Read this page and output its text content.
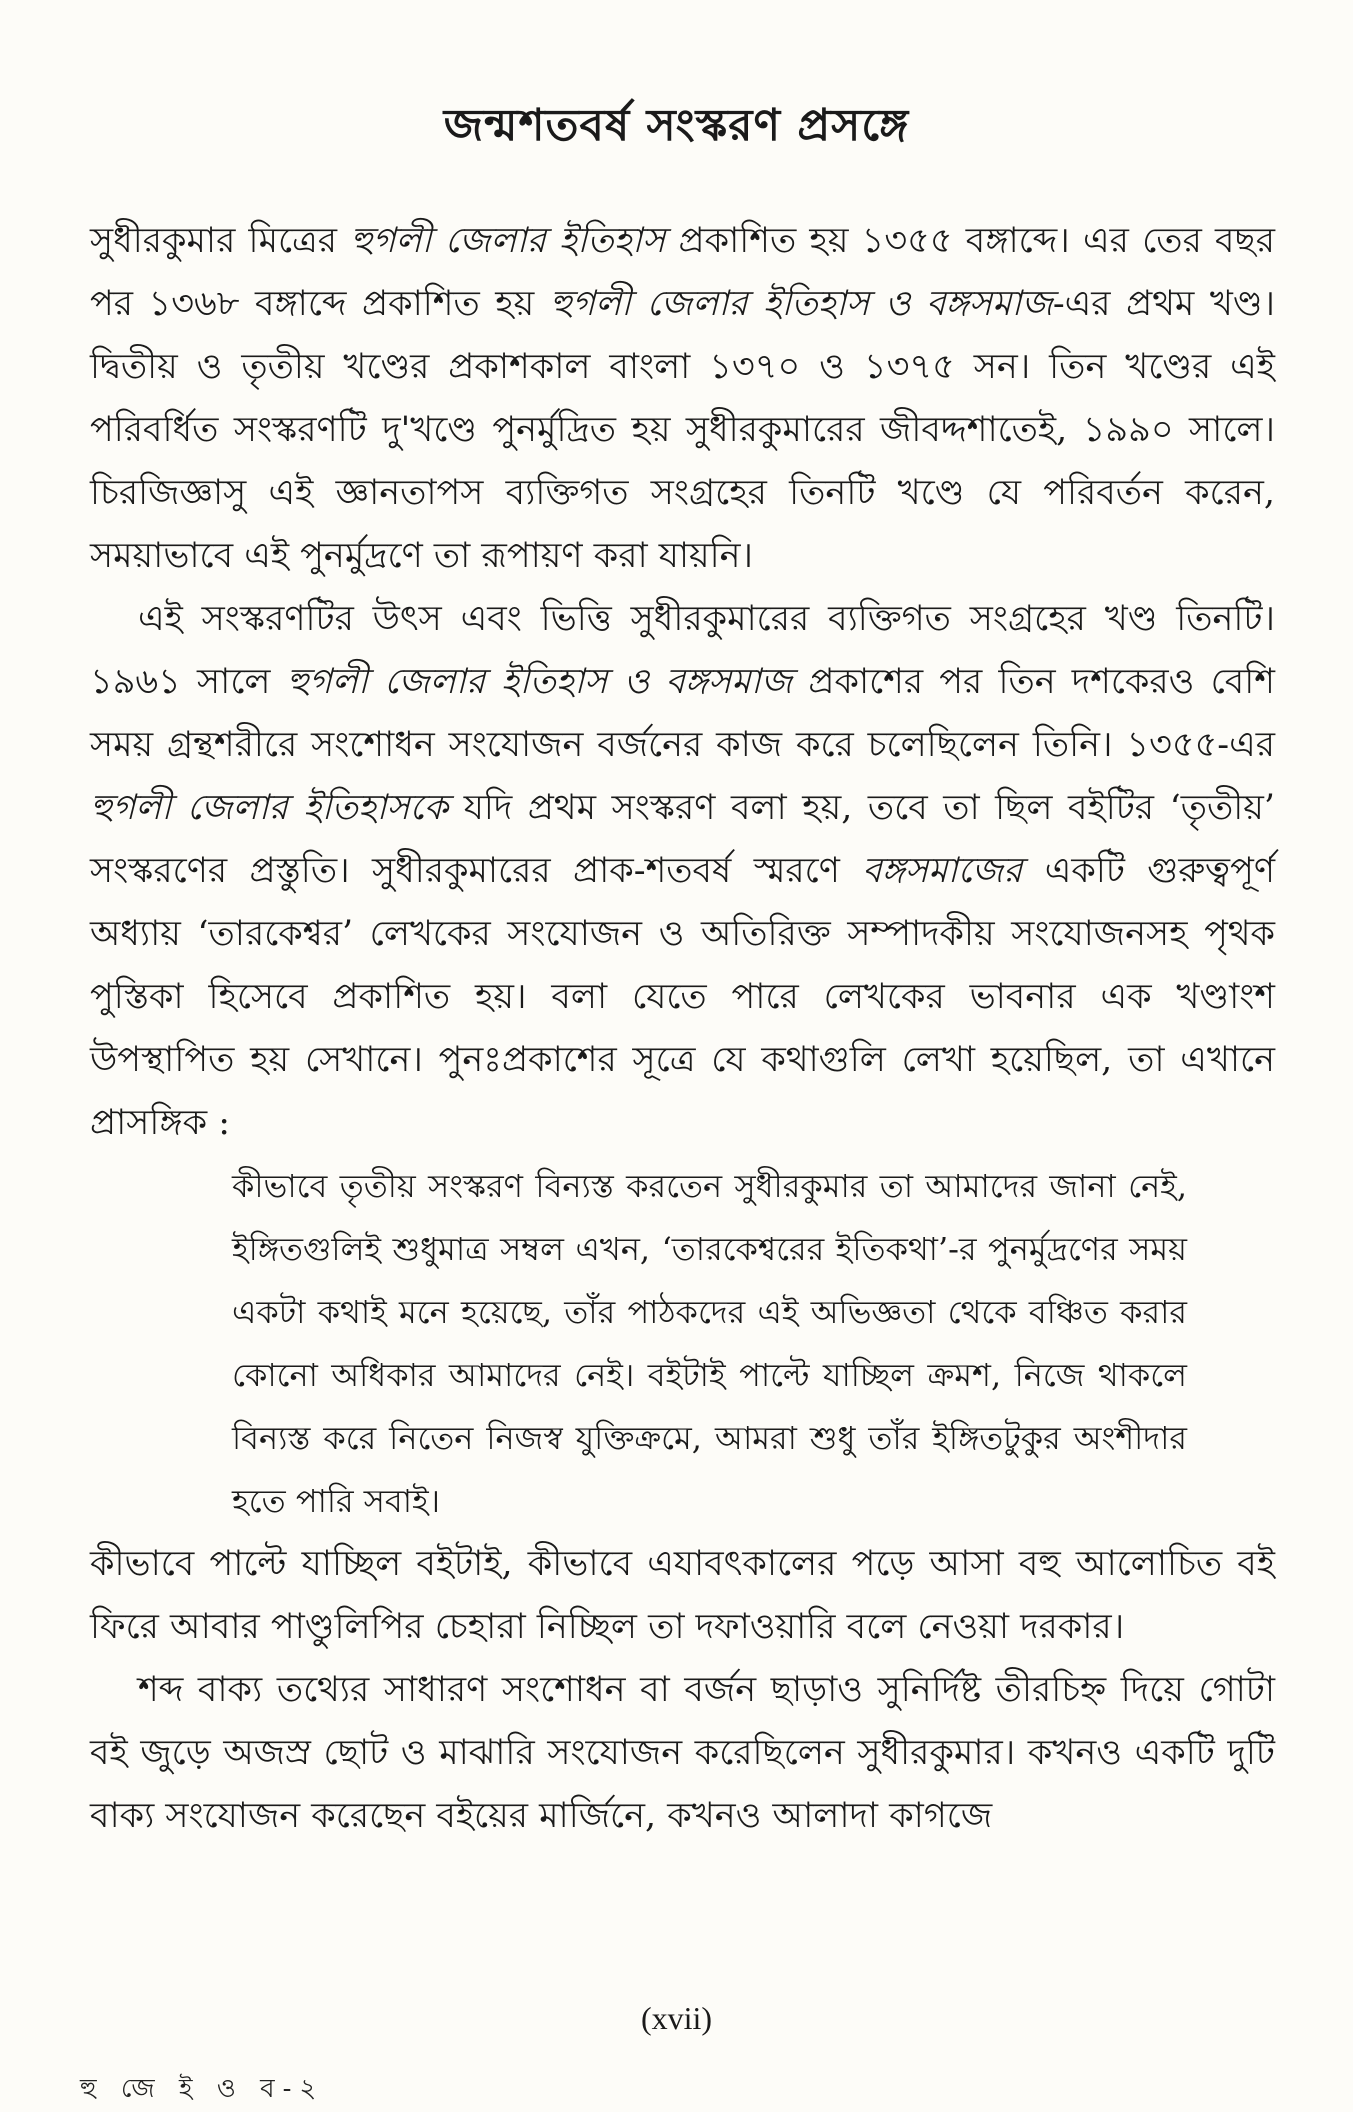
জন্মশতবর্ষ সংস্করণ প্রসঙ্গে

সুধীরকুমার মিত্রের হুগলী জেলার ইতিহাস প্রকাশিত হয় ১৩৫৫ বঙ্গাব্দে। এর তের বছর পর ১৩৬৮ বঙ্গাব্দে প্রকাশিত হয় হুগলী জেলার ইতিহাস ও বঙ্গসমাজ-এর প্রথম খণ্ড। দ্বিতীয় ও তৃতীয় খণ্ডের প্রকাশকাল বাংলা ১৩৭০ ও ১৩৭৫ সন। তিন খণ্ডের এই পরিবর্ধিত সংস্করণটি দু'খণ্ডে পুনর্মুদ্রিত হয় সুধীরকুমারের জীবদ্দশাতেই, ১৯৯০ সালে। চিরজিজ্ঞাসু এই জ্ঞানতাপস ব্যক্তিগত সংগ্রহের তিনটি খণ্ডে যে পরিবর্তন করেন, সময়াভাবে এই পুনর্মুদ্রণে তা রূপায়ণ করা যায়নি।

এই সংস্করণটির উৎস এবং ভিত্তি সুধীরকুমারের ব্যক্তিগত সংগ্রহের খণ্ড তিনটি। ১৯৬১ সালে হুগলী জেলার ইতিহাস ও বঙ্গসমাজ প্রকাশের পর তিন দশকেরও বেশি সময় গ্রন্থশরীরে সংশোধন সংযোজন বর্জনের কাজ করে চলেছিলেন তিনি। ১৩৫৫-এর হুগলী জেলার ইতিহাসকে যদি প্রথম সংস্করণ বলা হয়, তবে তা ছিল বইটির ‘তৃতীয়’ সংস্করণের প্রস্তুতি। সুধীরকুমারের প্রাক-শতবর্ষ স্মরণে বঙ্গসমাজের একটি গুরুত্বপূর্ণ অধ্যায় ‘তারকেশ্বর’ লেখকের সংযোজন ও অতিরিক্ত সম্পাদকীয় সংযোজনসহ পৃথক পুস্তিকা হিসেবে প্রকাশিত হয়। বলা যেতে পারে লেখকের ভাবনার এক খণ্ডাংশ উপস্থাপিত হয় সেখানে। পুনঃপ্রকাশের সূত্রে যে কথাগুলি লেখা হয়েছিল, তা এখানে প্রাসঙ্গিক :

কীভাবে তৃতীয় সংস্করণ বিন্যস্ত করতেন সুধীরকুমার তা আমাদের জানা নেই, ইঙ্গিতগুলিই শুধুমাত্র সম্বল এখন, ‘তারকেশ্বরের ইতিকথা’-র পুনর্মুদ্রণের সময় একটা কথাই মনে হয়েছে, তাঁর পাঠকদের এই অভিজ্ঞতা থেকে বঞ্চিত করার কোনো অধিকার আমাদের নেই। বইটাই পাল্টে যাচ্ছিল ক্রমশ, নিজে থাকলে বিন্যস্ত করে নিতেন নিজস্ব যুক্তিক্রমে, আমরা শুধু তাঁর ইঙ্গিতটুকুর অংশীদার হতে পারি সবাই।

কীভাবে পাল্টে যাচ্ছিল বইটাই, কীভাবে এযাবৎকালের পড়ে আসা বহু আলোচিত বই ফিরে আবার পাণ্ডুলিপির চেহারা নিচ্ছিল তা দফাওয়ারি বলে নেওয়া দরকার।

শব্দ বাক্য তথ্যের সাধারণ সংশোধন বা বর্জন ছাড়াও সুনির্দিষ্ট তীরচিহ্ন দিয়ে গোটা বই জুড়ে অজস্র ছোট ও মাঝারি সংযোজন করেছিলেন সুধীরকুমার। কখনও একটি দুটি বাক্য সংযোজন করেছেন বইয়ের মার্জিনে, কখনও আলাদা কাগজে

(xvii)
হু জে ই ও ব-২
